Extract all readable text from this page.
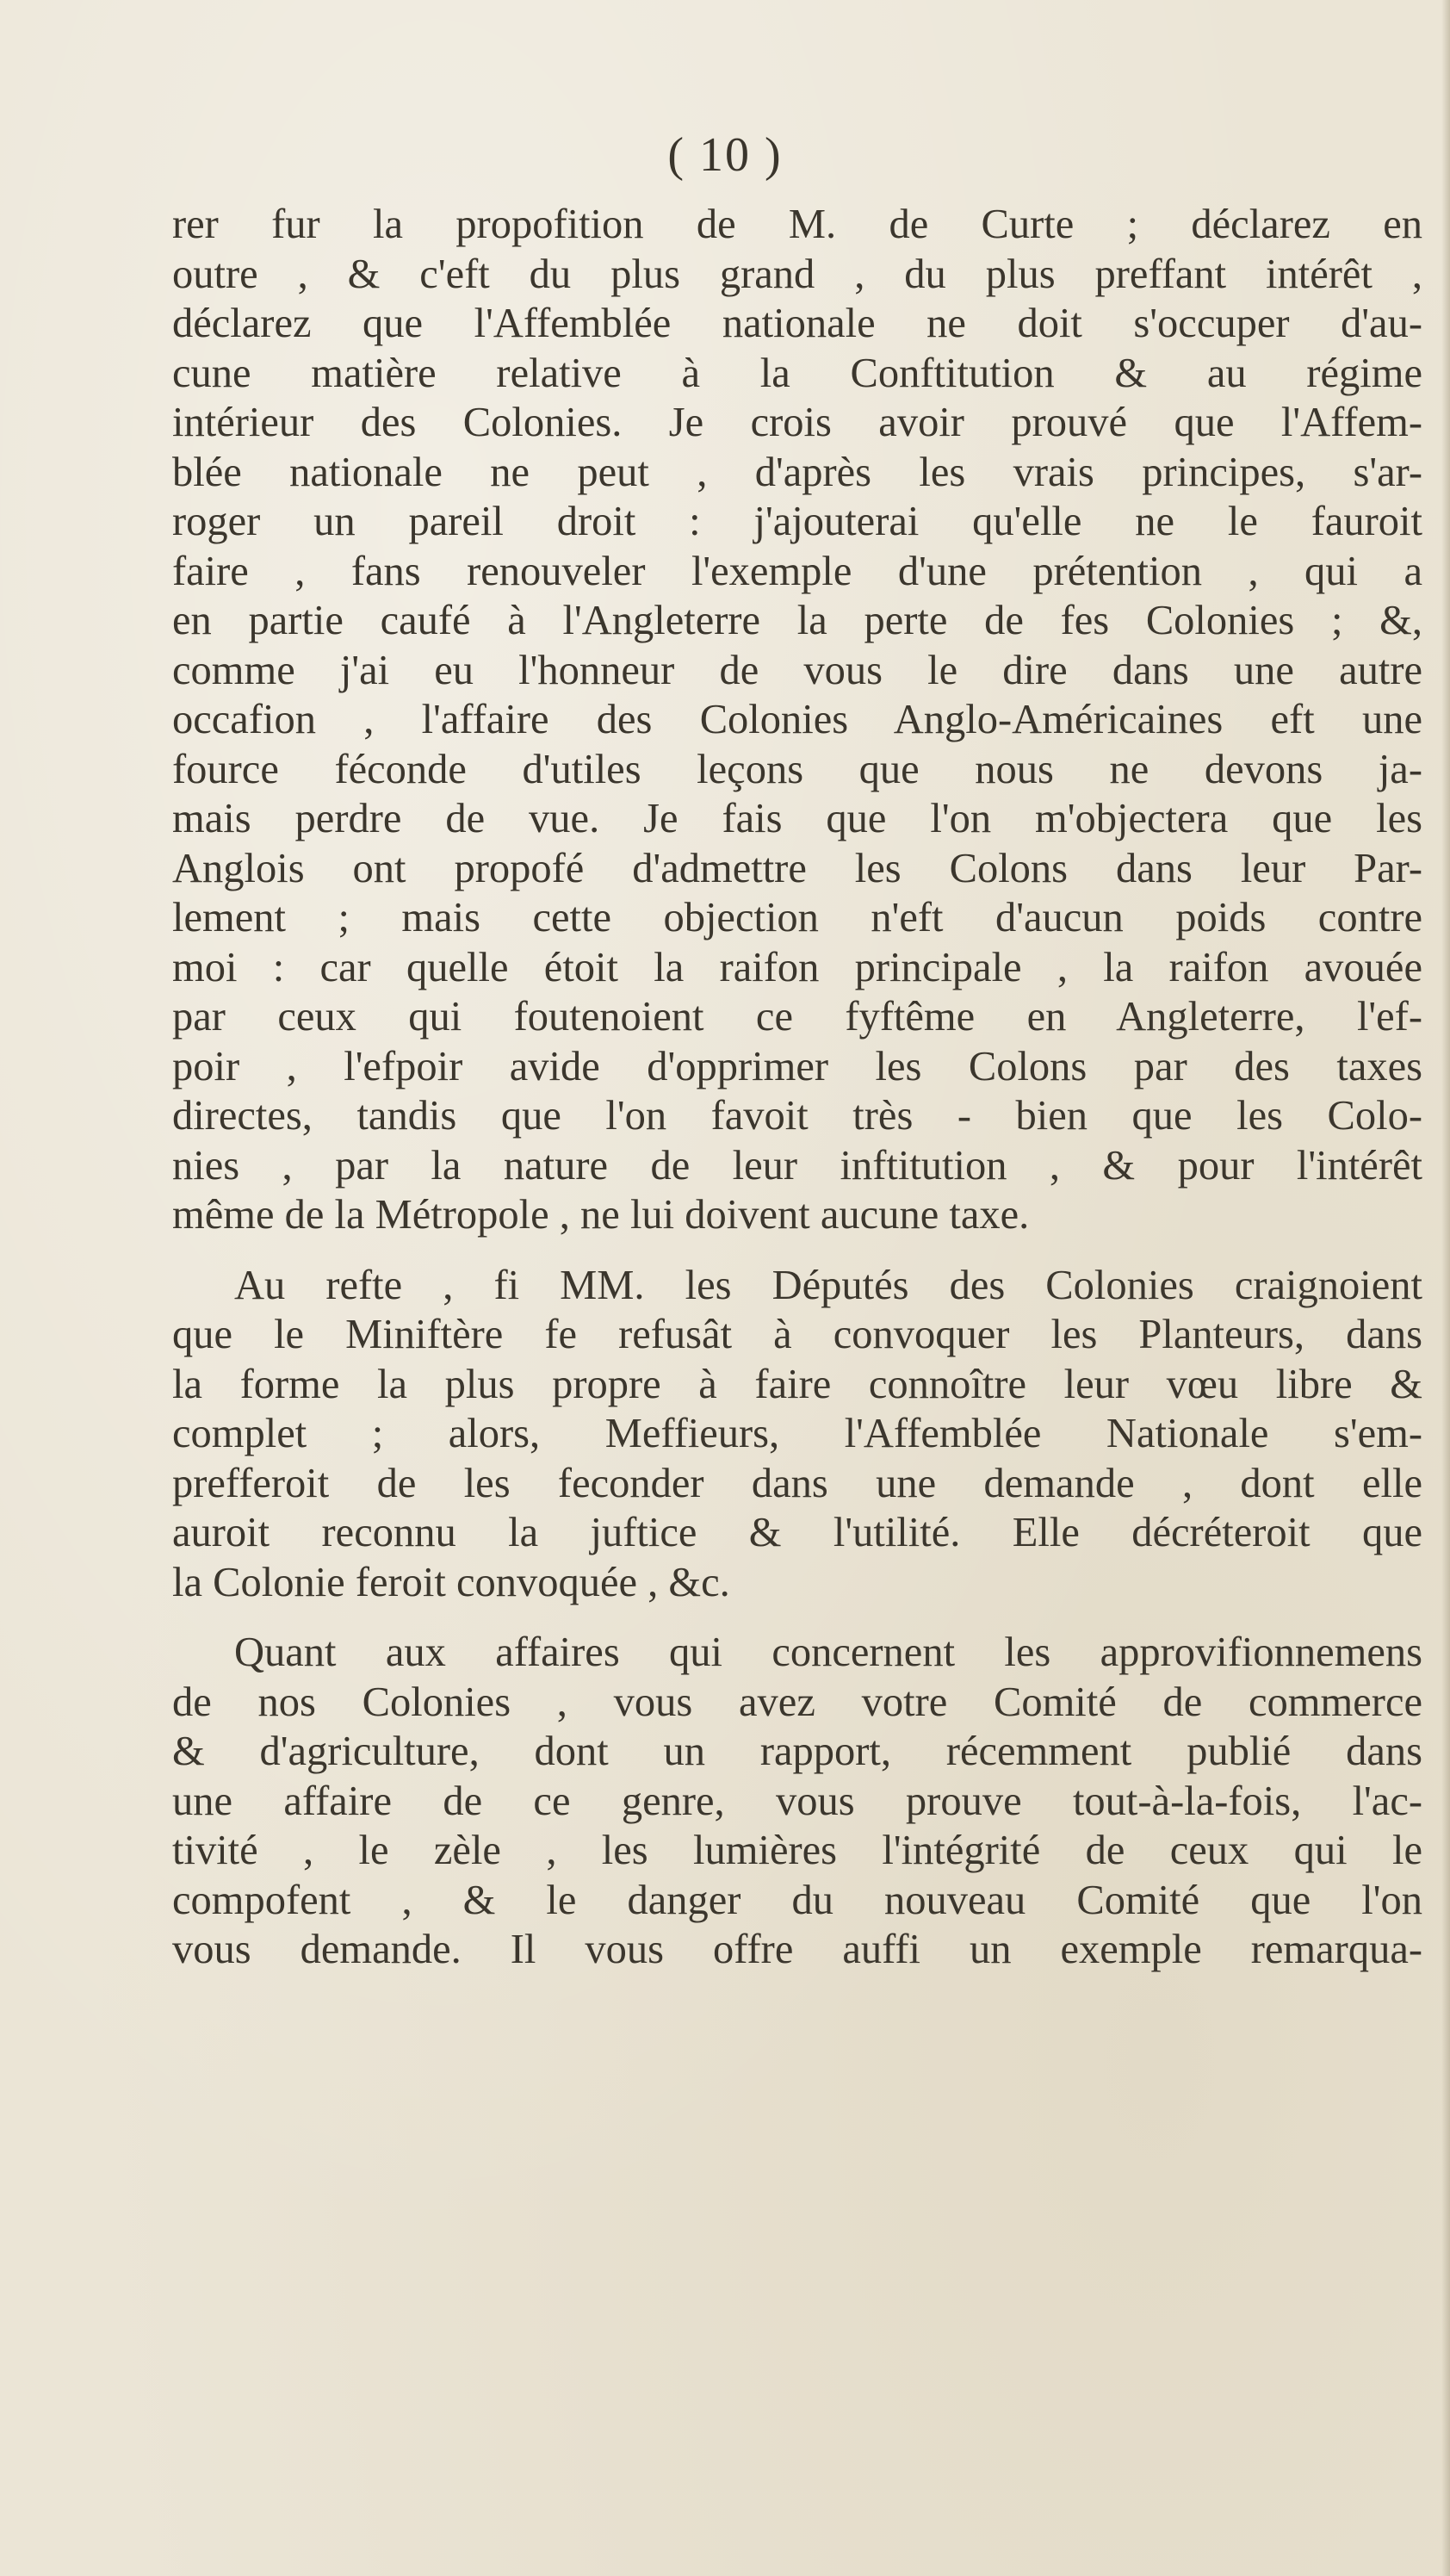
( 10 )
rer fur la propofition de M. de Curte ; déclarez en
outre , & c'eft du plus grand , du plus preffant intérêt ,
déclarez que l'Affemblée nationale ne doit s'occuper d'au-
cune matière relative à la Conftitution & au régime
intérieur des Colonies. Je crois avoir prouvé que l'Affem-
blée nationale ne peut , d'après les vrais principes, s'ar-
roger un pareil droit : j'ajouterai qu'elle ne le fauroit
faire , fans renouveler l'exemple d'une prétention , qui a
en partie caufé à l'Angleterre la perte de fes Colonies ; &,
comme j'ai eu l'honneur de vous le dire dans une autre
occafion , l'affaire des Colonies Anglo-Américaines eft une
fource féconde d'utiles leçons que nous ne devons ja-
mais perdre de vue. Je fais que l'on m'objectera que les
Anglois ont propofé d'admettre les Colons dans leur Par-
lement ; mais cette objection n'eft d'aucun poids contre
moi : car quelle étoit la raifon principale , la raifon avouée
par ceux qui foutenoient ce fyftême en Angleterre, l'ef-
poir , l'efpoir avide d'opprimer les Colons par des taxes
directes, tandis que l'on favoit très - bien que les Colo-
nies , par la nature de leur inftitution , & pour l'intérêt
même de la Métropole , ne lui doivent aucune taxe.
Au refte , fi MM. les Députés des Colonies craignoient
que le Miniftère fe refusât à convoquer les Planteurs, dans
la forme la plus propre à faire connoître leur vœu libre &
complet ; alors, Meffieurs, l'Affemblée Nationale s'em-
prefferoit de les feconder dans une demande , dont elle
auroit reconnu la juftice & l'utilité. Elle décréteroit que
la Colonie feroit convoquée , &c.
Quant aux affaires qui concernent les approvifionnemens
de nos Colonies , vous avez votre Comité de commerce
& d'agriculture, dont un rapport, récemment publié dans
une affaire de ce genre, vous prouve tout-à-la-fois, l'ac-
tivité , le zèle , les lumières l'intégrité de ceux qui le
compofent , & le danger du nouveau Comité que l'on
vous demande. Il vous offre auffi un exemple remarqua-
